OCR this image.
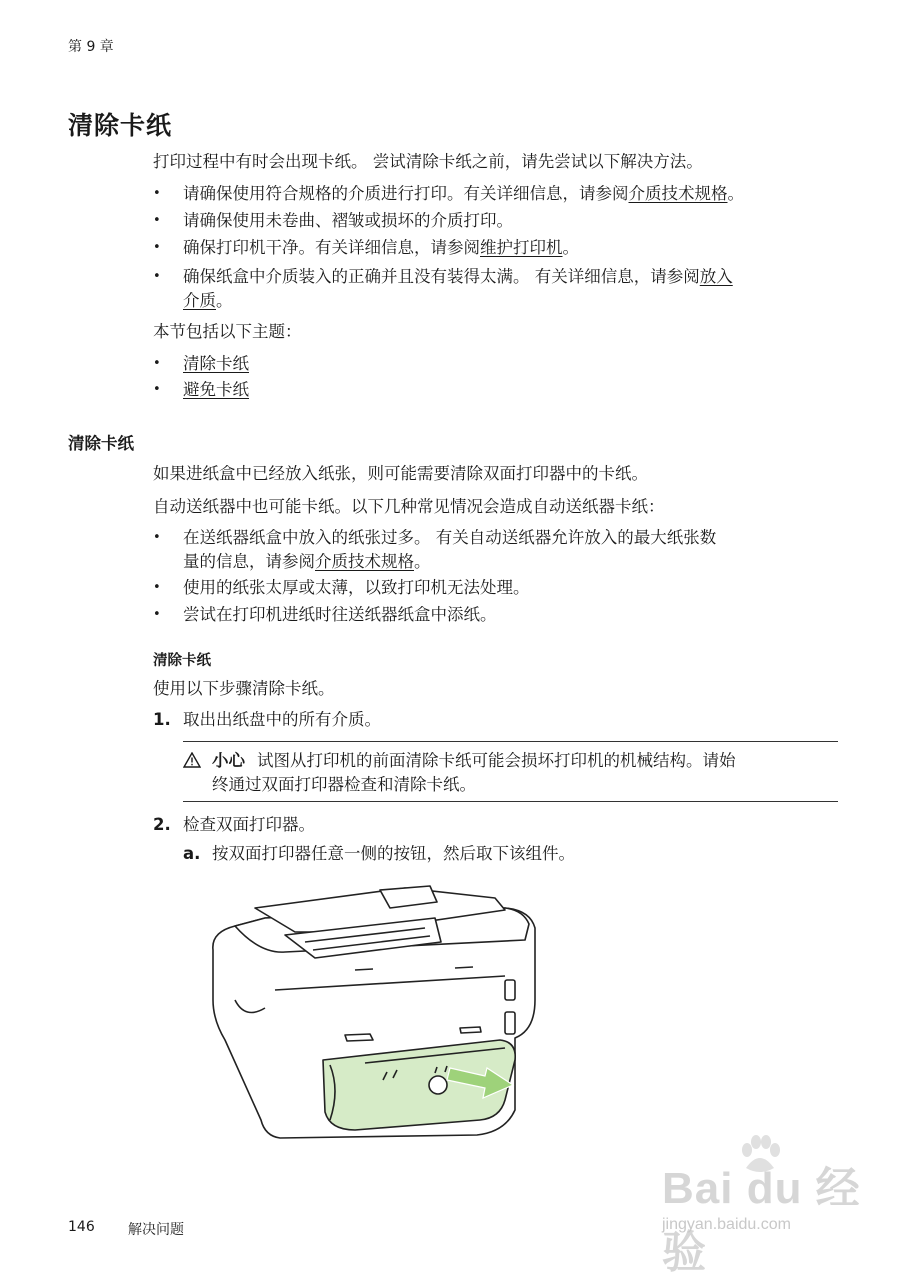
第 9 章
清除卡纸
打印过程中有时会出现卡纸。 尝试清除卡纸之前，请先尝试以下解决方法。
• 请确保使用符合规格的介质进行打印。有关详细信息，请参阅介质技术规格。
• 请确保使用未卷曲、褶皱或损坏的介质打印。
• 确保打印机干净。有关详细信息，请参阅维护打印机。
• 确保纸盒中介质装入的正确并且没有装得太满。 有关详细信息，请参阅放入
介质。
本节包括以下主题：
• 清除卡纸
• 避免卡纸
清除卡纸
如果进纸盒中已经放入纸张，则可能需要清除双面打印器中的卡纸。
自动送纸器中也可能卡纸。以下几种常见情况会造成自动送纸器卡纸：
• 在送纸器纸盒中放入的纸张过多。 有关自动送纸器允许放入的最大纸张数
量的信息，请参阅介质技术规格。
• 使用的纸张太厚或太薄，以致打印机无法处理。
• 尝试在打印机进纸时往送纸器纸盒中添纸。
清除卡纸
使用以下步骤清除卡纸。
1. 取出出纸盘中的所有介质。
小心 试图从打印机的前面清除卡纸可能会损坏打印机的机械结构。请始
终通过双面打印器检查和清除卡纸。
2. 检查双面打印器。
a. 按双面打印器任意一侧的按钮，然后取下该组件。
146 解决问题
Bai du 经验
jingyan.baidu.com
